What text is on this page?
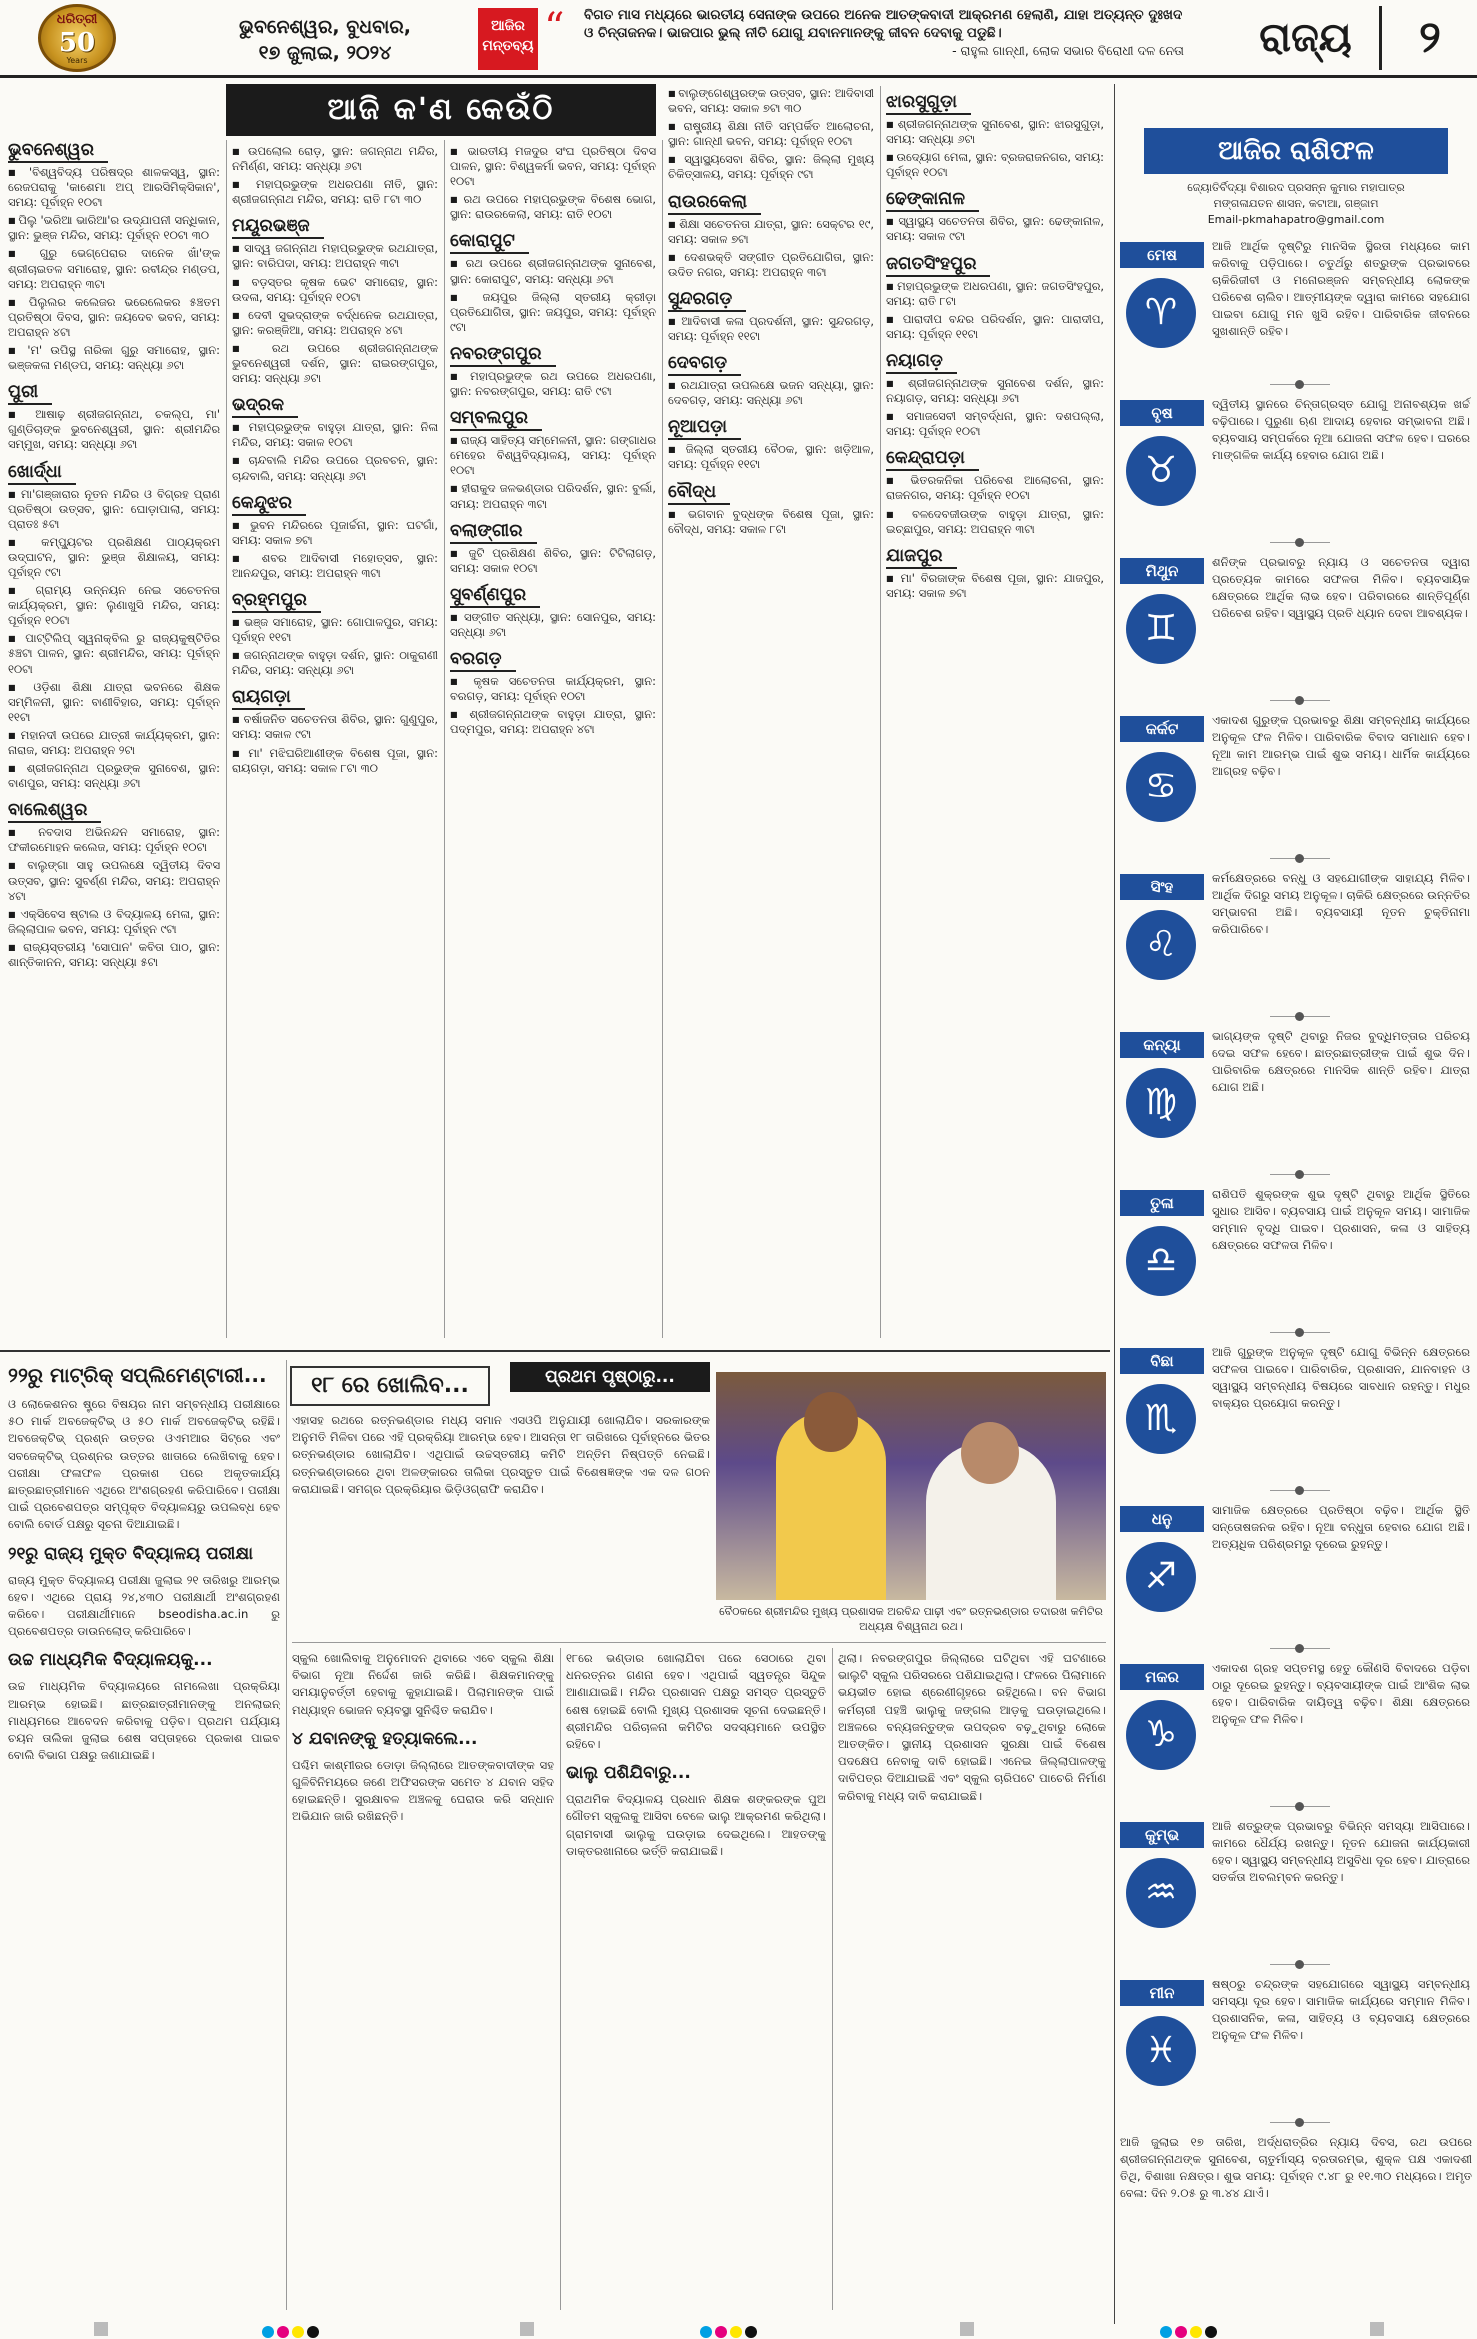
ଧରିତ୍ରୀ
50
Years
ଭୁବନେଶ୍ୱର, ବୁଧବାର,
୧୭ ଜୁଲାଇ, ୨୦୨୪
ଆଜିର ମନ୍ତବ୍ୟ “ ବିଗତ ମାସ ମଧ୍ୟରେ ଭାରତୀୟ ସେନାଙ୍କ ଉପରେ ଅନେକ ଆତଙ୍କବାଦୀ ଆକ୍ରମଣ ହେଲାଣି, ଯାହା ଅତ୍ୟନ୍ତ ଦୁଃଖଦ ଓ ଚିନ୍ତାଜନକ। ଭାଜପାର ଭୁଲ୍ ନୀତି ଯୋଗୁ ଯବାନମାନଙ୍କୁ ଜୀବନ ଦେବାକୁ ପଡୁଛି।
- ରାହୁଲ ଗାନ୍ଧୀ, ଲୋକ ସଭାର ବିରୋଧୀ ଦଳ ନେତା	ରାଜ୍ୟ	୨
ଆଜି କ'ଣ କେଉଁଠି
ଭୁବନେଶ୍ୱର
■ 'ବିଶ୍ୱବିଦ୍ୟ ପରିଷଦ୍ର ଶାଳକସ୍ୱ, ସ୍ଥାନ: ରେଜପରାକୁ 'କାଶେମା ଅପ୍ ଆରସିମିକ୍ସିକାନ', ସମୟ: ପୂର୍ବାହ୍ନ ୧୦ଟା
■ ପିଲୁ 'ଭରିଆ ଭାରିଆ'ର ଉଦ୍‌ଯାପନୀ ସନ୍ଧିକାନ, ସ୍ଥାନ: ଭୁଞ୍ଜ ମନ୍ଦିର, ସମୟ: ପୂର୍ବାହ୍ନ ୧୦ଟା ୩୦
■ ଗୁରୁ ଭେଗ୍ପେରାର ଦାନେକ ଖାଁ'ଙ୍କ ଶ୍ରୀଚାଇତଳ ସମାରୋହ, ସ୍ଥାନ: ରବୀନ୍ଦ୍ର ମଣ୍ଡପ, ସମୟ: ଅପରାହ୍ନ ୩ଟା
■ ପିଲୁଲର କଲେଜର ଭରେଲେକର ୫ଞ୍ଚତମ ପ୍ରତିଷ୍ଠା ଦିବସ, ସ୍ଥାନ: ଜୟଦେବ ଭବନ, ସମୟ: ଅପରାହ୍ନ ୪ଟା
■ 'ମ' ଉପିସ୍ଥ ନାରିକା ଗୁରୁ ସମାରୋହ, ସ୍ଥାନ: ଭଞ୍ଜକଳା ମଣ୍ଡପ, ସମୟ: ସନ୍ଧ୍ୟା ୬ଟା
ପୁରୀ
■ ଆଷାଢ଼ ଶ୍ରୀଜଗନ୍ନାଥ, ଚକଲ୍ପ, ମା' ଗୁଣ୍ଡିଚାଙ୍କ ଭୁବନେଶ୍ୱରୀ, ସ୍ଥାନ: ଶ୍ରୀମନ୍ଦିର ସମ୍ମୁଖ, ସମୟ: ସନ୍ଧ୍ୟା ୬ଟା
ଖୋର୍ଦ୍ଧା
■ ମା'ଗଞ୍ଜାରାର ନୂତନ ମନ୍ଦିର ଓ ବିଗ୍ରହ ପ୍ରାଣ ପ୍ରତିଷ୍ଠା ଉତ୍ସବ, ସ୍ଥାନ: ଘୋଡ଼ାପାଲା, ସମୟ: ପ୍ରାତଃ ୫ଟା
■ କମ୍ପ୍ୟୁଟର ପ୍ରଶିକ୍ଷଣ ପାଠ୍ୟକ୍ରମ ଉଦ୍‌ଘାଟନ, ସ୍ଥାନ: ଭୁଞ୍ଜ ଶିକ୍ଷାଳୟ, ସମୟ: ପୂର୍ବାହ୍ନ ୯ଟା
■ ଗ୍ରାମ୍ୟ ଉନ୍ନୟନ ନେଇ ସଚେତନତା କାର୍ଯ୍ୟକ୍ରମ, ସ୍ଥାନ: ଲୁଣାଖୁସି ମନ୍ଦିର, ସମୟ: ପୂର୍ବାହ୍ନ ୧୦ଟା
■ ପାଟ୍ଟିଲିପ୍ ସ୍ୱନାକ୍‌ବିଲ ରୁ ରାଜ୍ୟକୁଷ୍ଟିତିର ୫ଞ୍ଚଟା ପାଳନ, ସ୍ଥାନ: ଶ୍ରୀମନ୍ଦିର, ସମୟ: ପୂର୍ବାହ୍ନ ୧୦ଟା
■ ଓଡ଼ିଶା ଶିକ୍ଷା ଯାତ୍ରା ଭବନରେ ଶିକ୍ଷକ ସମ୍ମିଳନୀ, ସ୍ଥାନ: ବାଣୀବିହାର, ସମୟ: ପୂର୍ବାହ୍ନ ୧୧ଟା
■ ମହାନଦୀ ଉପରେ ଯାତ୍ରୀ କାର୍ଯ୍ୟକ୍ରମ, ସ୍ଥାନ: ନାରାଜ, ସମୟ: ଅପରାହ୍ନ ୨ଟା
■ ଶ୍ରୀଜଗନ୍ନାଥ ପ୍ରଭୁଙ୍କ ସୁନାବେଶ, ସ୍ଥାନ: ବାଣପୁର, ସମୟ: ସନ୍ଧ୍ୟା ୬ଟା
ବାଲେଶ୍ୱର
■ ନବଦାସ ଅଭିନନ୍ଦନ ସମାରୋହ, ସ୍ଥାନ: ଫକୀରମୋହନ କଲେଜ, ସମୟ: ପୂର୍ବାହ୍ନ ୧୦ଟା
■ ବାଲୁଙ୍ଗା ସାହୁ ଉପଲକ୍ଷେ ଦ୍ୱିତୀୟ ଦିବସ ଉତ୍ସବ, ସ୍ଥାନ: ସୁବର୍ଣ୍ଣ ମନ୍ଦିର, ସମୟ: ଅପରାହ୍ନ ୪ଟା
■ ଏକ୍ସିବେସ ଷ୍ଟାଲ ଓ ବିଦ୍ୟାଳୟ ମେଳା, ସ୍ଥାନ: ଜିଲ୍ଲାପାଳ ଭବନ, ସମୟ: ପୂର୍ବାହ୍ନ ୯ଟା
■ ରାଜ୍ୟସ୍ତରୀୟ 'ସୋପାନ' କବିତା ପାଠ, ସ୍ଥାନ: ଶାନ୍ତିକାନନ, ସମୟ: ସନ୍ଧ୍ୟା ୫ଟା
■ ଉପଲୋଲ ରୋଡ଼, ସ୍ଥାନ: ଜଗନ୍ନାଥ ମନ୍ଦିର, ନମିର୍ଣ୍ଣ, ସମୟ: ସନ୍ଧ୍ୟା ୬ଟା
■ ମହାପ୍ରଭୁଙ୍କ ଅଧରପଣା ନୀତି, ସ୍ଥାନ: ଶ୍ରୀଜଗନ୍ନାଥ ମନ୍ଦିର, ସମୟ: ରାତି ୮ଟା ୩୦
ମୟୂରଭଞ୍ଜ
■ ସାଦ୍ୱ ଜଗନ୍ନାଥ ମହାପ୍ରଭୁଙ୍କ ରଥଯାତ୍ରା, ସ୍ଥାନ: ବାରିପଦା, ସମୟ: ଅପରାହ୍ନ ୩ଟା
■ ବଡ଼ସ୍ତର କୃଷକ ଭେଟ ସମାରୋହ, ସ୍ଥାନ: ଉଦଳା, ସମୟ: ପୂର୍ବାହ୍ନ ୧୦ଟା
■ ଦେବୀ ସୁଭଦ୍ରାଙ୍କ ବର୍ଦ୍ଧନେକ ରଥଯାତ୍ରା, ସ୍ଥାନ: କରଞ୍ଜିଆ, ସମୟ: ଅପରାହ୍ନ ୪ଟା
■ ରଥ ଉପରେ ଶ୍ରୀଜଗନ୍ନାଥଙ୍କ ଭୁବନେଶ୍ୱରୀ ଦର୍ଶନ, ସ୍ଥାନ: ରାଇରଙ୍ଗପୁର, ସମୟ: ସନ୍ଧ୍ୟା ୬ଟା
ଭଦ୍ରକ
■ ମହାପ୍ରଭୁଙ୍କ ବାହୁଡ଼ା ଯାତ୍ରା, ସ୍ଥାନ: ନିଳା ମନ୍ଦିର, ସମୟ: ସକାଳ ୧୦ଟା
■ ଚାନ୍ଦବାଲି ମନ୍ଦିର ଉପରେ ପ୍ରବଚନ, ସ୍ଥାନ: ଚାନ୍ଦବାଲି, ସମୟ: ସନ୍ଧ୍ୟା ୬ଟା
କେନ୍ଦୁଝର
■ ଭୁବନ ମନ୍ଦିରରେ ପୂଜାର୍ଚ୍ଚନା, ସ୍ଥାନ: ଘଟଗାଁ, ସମୟ: ସକାଳ ୭ଟା
■ ଶବର ଆଦିବାସୀ ମହୋତ୍ସବ, ସ୍ଥାନ: ଆନନ୍ଦପୁର, ସମୟ: ଅପରାହ୍ନ ୩ଟା
ବ୍ରହ୍ମପୁର
■ ଭଞ୍ଜ ସମାରୋହ, ସ୍ଥାନ: ଗୋପାଳପୁର, ସମୟ: ପୂର୍ବାହ୍ନ ୧୧ଟା
■ ଜଗନ୍ନାଥଙ୍କ ବାହୁଡ଼ା ଦର୍ଶନ, ସ୍ଥାନ: ଠାକୁରାଣୀ ମନ୍ଦିର, ସମୟ: ସନ୍ଧ୍ୟା ୬ଟା
ରାୟଗଡ଼ା
■ ବର୍ଷାଜନିତ ସଚେତନତା ଶିବିର, ସ୍ଥାନ: ଗୁଣୁପୁର, ସମୟ: ସକାଳ ୯ଟା
■ ମା' ମଝିଘରିଆଣୀଙ୍କ ବିଶେଷ ପୂଜା, ସ୍ଥାନ: ରାୟଗଡ଼ା, ସମୟ: ସକାଳ ୮ଟା ୩୦
■ ଭାରତୀୟ ମଜଦୁର ସଂଘ ପ୍ରତିଷ୍ଠା ଦିବସ ପାଳନ, ସ୍ଥାନ: ବିଶ୍ୱକର୍ମା ଭବନ, ସମୟ: ପୂର୍ବାହ୍ନ ୧୦ଟା
■ ରଥ ଉପରେ ମହାପ୍ରଭୁଙ୍କ ବିଶେଷ ଭୋଗ, ସ୍ଥାନ: ରାଉରକେଲା, ସମୟ: ରାତି ୧୦ଟା
କୋରାପୁଟ
■ ରଥ ଉପରେ ଶ୍ରୀଜଗନ୍ନାଥଙ୍କ ସୁନାବେଶ, ସ୍ଥାନ: କୋରାପୁଟ, ସମୟ: ସନ୍ଧ୍ୟା ୬ଟା
■ ଜୟପୁର ଜିଲ୍ଲା ସ୍ତରୀୟ କ୍ରୀଡ଼ା ପ୍ରତିଯୋଗିତା, ସ୍ଥାନ: ଜୟପୁର, ସମୟ: ପୂର୍ବାହ୍ନ ୯ଟା
ନବରଙ୍ଗପୁର
■ ମହାପ୍ରଭୁଙ୍କ ରଥ ଉପରେ ଅଧରପଣା, ସ୍ଥାନ: ନବରଙ୍ଗପୁର, ସମୟ: ରାତି ୯ଟା
ସମ୍ବଲପୁର
■ ରାଜ୍ୟ ସାହିତ୍ୟ ସମ୍ମେଳନୀ, ସ୍ଥାନ: ଗଙ୍ଗାଧର ମେହେର ବିଶ୍ୱବିଦ୍ୟାଳୟ, ସମୟ: ପୂର୍ବାହ୍ନ ୧୦ଟା
■ ହୀରାକୁଦ ଜଳଭଣ୍ଡାର ପରିଦର୍ଶନ, ସ୍ଥାନ: ବୁର୍ଲା, ସମୟ: ଅପରାହ୍ନ ୩ଟା
ବଲାଙ୍ଗୀର
■ ଜୁଟି ପ୍ରଶିକ୍ଷଣ ଶିବିର, ସ୍ଥାନ: ଟିଟିଲାଗଡ଼, ସମୟ: ସକାଳ ୧୦ଟା
ସୁବର୍ଣ୍ଣପୁର
■ ସଙ୍ଗୀତ ସନ୍ଧ୍ୟା, ସ୍ଥାନ: ସୋନପୁର, ସମୟ: ସନ୍ଧ୍ୟା ୬ଟା
ବରଗଡ଼
■ କୃଷକ ସଚେତନତା କାର୍ଯ୍ୟକ୍ରମ, ସ୍ଥାନ: ବରଗଡ଼, ସମୟ: ପୂର୍ବାହ୍ନ ୧୦ଟା
■ ଶ୍ରୀଜଗନ୍ନାଥଙ୍କ ବାହୁଡ଼ା ଯାତ୍ରା, ସ୍ଥାନ: ପଦ୍ମପୁର, ସମୟ: ଅପରାହ୍ନ ୪ଟା
■ ବାଲୁଙ୍ଗେଶ୍ୱରଙ୍କ ଉତ୍ସବ, ସ୍ଥାନ: ଆଦିବାସୀ ଭବନ, ସମୟ: ସକାଳ ୭ଟା ୩୦
■ ରାଷ୍ଟ୍ରୀୟ ଶିକ୍ଷା ନୀତି ସମ୍ପର୍କିତ ଆଲୋଚନା, ସ୍ଥାନ: ଗାନ୍ଧୀ ଭବନ, ସମୟ: ପୂର୍ବାହ୍ନ ୧୦ଟା
■ ସ୍ୱାସ୍ଥ୍ୟସେବା ଶିବିର, ସ୍ଥାନ: ଜିଲ୍ଲା ମୁଖ୍ୟ ଚିକିତ୍ସାଳୟ, ସମୟ: ପୂର୍ବାହ୍ନ ୯ଟା
ରାଉରକେଲା
■ ଶିକ୍ଷା ସଚେତନତା ଯାତ୍ରା, ସ୍ଥାନ: ସେକ୍ଟର ୧୯, ସମୟ: ସକାଳ ୭ଟା
■ ଦେଶଭକ୍ତି ସଙ୍ଗୀତ ପ୍ରତିଯୋଗିତା, ସ୍ଥାନ: ଉଦିତ ନଗର, ସମୟ: ଅପରାହ୍ନ ୩ଟା
ସୁନ୍ଦରଗଡ଼
■ ଆଦିବାସୀ କଳା ପ୍ରଦର୍ଶନୀ, ସ୍ଥାନ: ସୁନ୍ଦରଗଡ଼, ସମୟ: ପୂର୍ବାହ୍ନ ୧୧ଟା
ଦେବଗଡ଼
■ ରଥଯାତ୍ରା ଉପଲକ୍ଷେ ଭଜନ ସନ୍ଧ୍ୟା, ସ୍ଥାନ: ଦେବଗଡ଼, ସମୟ: ସନ୍ଧ୍ୟା ୬ଟା
ନୂଆପଡ଼ା
■ ଜିଲ୍ଲା ସ୍ତରୀୟ ବୈଠକ, ସ୍ଥାନ: ଖଡ଼ିଆଳ, ସମୟ: ପୂର୍ବାହ୍ନ ୧୧ଟା
ବୌଦ୍ଧ
■ ଭଗବାନ ବୁଦ୍ଧଙ୍କ ବିଶେଷ ପୂଜା, ସ୍ଥାନ: ବୌଦ୍ଧ, ସମୟ: ସକାଳ ୮ଟା
ଝାରସୁଗୁଡ଼ା
■ ଶ୍ରୀଜଗନ୍ନାଥଙ୍କ ସୁନାବେଶ, ସ୍ଥାନ: ଝାରସୁଗୁଡ଼ା, ସମୟ: ସନ୍ଧ୍ୟା ୬ଟା
■ ଉଦ୍ୟୋଗ ମେଳା, ସ୍ଥାନ: ବ୍ରଜରାଜନଗର, ସମୟ: ପୂର୍ବାହ୍ନ ୧୦ଟା
ଢେଙ୍କାନାଳ
■ ସ୍ୱାସ୍ଥ୍ୟ ସଚେତନତା ଶିବିର, ସ୍ଥାନ: ଢେଙ୍କାନାଳ, ସମୟ: ସକାଳ ୯ଟା
ଜଗତସିଂହପୁର
■ ମହାପ୍ରଭୁଙ୍କ ଅଧରପଣା, ସ୍ଥାନ: ଜଗତସିଂହପୁର, ସମୟ: ରାତି ୮ଟା
■ ପାରାଦୀପ ବନ୍ଦର ପରିଦର୍ଶନ, ସ୍ଥାନ: ପାରାଦୀପ, ସମୟ: ପୂର୍ବାହ୍ନ ୧୧ଟା
ନୟାଗଡ଼
■ ଶ୍ରୀଜଗନ୍ନାଥଙ୍କ ସୁନାବେଶ ଦର୍ଶନ, ସ୍ଥାନ: ନୟାଗଡ଼, ସମୟ: ସନ୍ଧ୍ୟା ୬ଟା
■ ସମାଜସେବୀ ସମ୍ବର୍ଦ୍ଧନା, ସ୍ଥାନ: ଦଶପଲ୍ଲା, ସମୟ: ପୂର୍ବାହ୍ନ ୧୦ଟା
କେନ୍ଦ୍ରାପଡ଼ା
■ ଭିତରକନିକା ପରିବେଶ ଆଲୋଚନା, ସ୍ଥାନ: ରାଜନଗର, ସମୟ: ପୂର୍ବାହ୍ନ ୧୦ଟା
■ ବଳଦେବଜୀଉଙ୍କ ବାହୁଡ଼ା ଯାତ୍ରା, ସ୍ଥାନ: ଇଚ୍ଛାପୁର, ସମୟ: ଅପରାହ୍ନ ୩ଟା
ଯାଜପୁର
■ ମା' ବିରଜାଙ୍କ ବିଶେଷ ପୂଜା, ସ୍ଥାନ: ଯାଜପୁର, ସମୟ: ସକାଳ ୭ଟା
ଆଜିର ରାଶିଫଳ
ଜ୍ୟୋତିର୍ବିଦ୍ୟା ବିଶାରଦ ପ୍ରସନ୍ନ କୁମାର ମହାପାତ୍ର
ମଙ୍ଗଳାଯତନ ଶାସନ, କଟାଆ, ଗଞ୍ଜାମ
Email-pkmahapatro@gmail.com
ଆଜି ଜୁଲାଇ ୧୭ ତାରିଖ, ଅର୍ଦ୍ଧରାତ୍ରିର ନ୍ୟାୟ ଦିବସ, ରଥ ଉପରେ ଶ୍ରୀଜଗନ୍ନାଥଙ୍କ ସୁନାବେଶ, ଚାତୁର୍ମାସ୍ୟ ବ୍ରତାରମ୍ଭ, ଶୁକ୍ଳ ପକ୍ଷ ଏକାଦଶୀ ତିଥି, ବିଶାଖା ନକ୍ଷତ୍ର। ଶୁଭ ସମୟ: ପୂର୍ବାହ୍ନ ୯.୪୮ ରୁ ୧୧.୩୦ ମଧ୍ୟରେ। ଅମୃତ ବେଳା: ଦିନ ୨.୦୫ ରୁ ୩.୪୪ ଯାଏଁ।
ମେଷ
♈
ଆଜି ଆର୍ଥିକ ଦୃଷ୍ଟିରୁ ମାନସିକ ସ୍ଥିରତା ମଧ୍ୟରେ କାମ କରିବାକୁ ପଡ଼ିପାରେ। ଚତୁର୍ଥରୁ ଶତ୍ରୁଙ୍କ ପ୍ରଭାବରେ ଚାକିରିଜୀବୀ ଓ ମନୋରଞ୍ଜନ ସମ୍ବନ୍ଧୀୟ ଲୋକଙ୍କ ପରିବେଶ ଚାଲିବ। ଆତ୍ମୀୟଙ୍କ ଦ୍ୱାରା କାମରେ ସହଯୋଗ ପାଇବା ଯୋଗୁ ମନ ଖୁସି ରହିବ। ପାରିବାରିକ ଜୀବନରେ ସୁଖଶାନ୍ତି ରହିବ।
ବୃଷ
♉
ଦ୍ୱିତୀୟ ସ୍ଥାନରେ ଚିନ୍ତାଗ୍ରସ୍ତ ଯୋଗୁ ଅନାବଶ୍ୟକ ଖର୍ଚ୍ଚ ବଢ଼ିପାରେ। ପୁରୁଣା ଋଣ ଆଦାୟ ହେବାର ସମ୍ଭାବନା ଅଛି। ବ୍ୟବସାୟ ସମ୍ପର୍କରେ ନୂଆ ଯୋଜନା ସଫଳ ହେବ। ଘରରେ ମାଙ୍ଗଳିକ କାର୍ଯ୍ୟ ହେବାର ଯୋଗ ଅଛି।
ମିଥୁନ
♊
ଶନିଙ୍କ ପ୍ରଭାବରୁ ନ୍ୟାୟ ଓ ସଚେତନତା ଦ୍ୱାରା ପ୍ରତ୍ୟେକ କାମରେ ସଫଳତା ମିଳିବ। ବ୍ୟବସାୟିକ କ୍ଷେତ୍ରରେ ଆର୍ଥିକ ଲାଭ ହେବ। ପରିବାରରେ ଶାନ୍ତିପୂର୍ଣ୍ଣ ପରିବେଶ ରହିବ। ସ୍ୱାସ୍ଥ୍ୟ ପ୍ରତି ଧ୍ୟାନ ଦେବା ଆବଶ୍ୟକ।
କର୍କଟ
♋
ଏକାଦଶ ଗୁରୁଙ୍କ ପ୍ରଭାବରୁ ଶିକ୍ଷା ସମ୍ବନ୍ଧୀୟ କାର୍ଯ୍ୟରେ ଅନୁକୂଳ ଫଳ ମିଳିବ। ପାରିବାରିକ ବିବାଦ ସମାଧାନ ହେବ। ନୂଆ କାମ ଆରମ୍ଭ ପାଇଁ ଶୁଭ ସମୟ। ଧାର୍ମିକ କାର୍ଯ୍ୟରେ ଆଗ୍ରହ ବଢ଼ିବ।
ସିଂହ
♌
କର୍ମକ୍ଷେତ୍ରରେ ବନ୍ଧୁ ଓ ସହଯୋଗୀଙ୍କ ସାହାଯ୍ୟ ମିଳିବ। ଆର୍ଥିକ ଦିଗରୁ ସମୟ ଅନୁକୂଳ। ଚାକିରି କ୍ଷେତ୍ରରେ ଉନ୍ନତିର ସମ୍ଭାବନା ଅଛି। ବ୍ୟବସାୟୀ ନୂତନ ଚୁକ୍ତିନାମା କରିପାରିବେ।
କନ୍ୟା
♍
ଭାଗ୍ୟଙ୍କ ଦୃଷ୍ଟି ଥିବାରୁ ନିଜର ବୁଦ୍ଧିମତ୍ତାର ପରିଚୟ ଦେଇ ସଫଳ ହେବେ। ଛାତ୍ରଛାତ୍ରୀଙ୍କ ପାଇଁ ଶୁଭ ଦିନ। ପାରିବାରିକ କ୍ଷେତ୍ରରେ ମାନସିକ ଶାନ୍ତି ରହିବ। ଯାତ୍ରା ଯୋଗ ଅଛି।
ତୁଳା
♎
ରାଶିପତି ଶୁକ୍ରଙ୍କ ଶୁଭ ଦୃଷ୍ଟି ଥିବାରୁ ଆର୍ଥିକ ସ୍ଥିତିରେ ସୁଧାର ଆସିବ। ବ୍ୟବସାୟ ପାଇଁ ଅନୁକୂଳ ସମୟ। ସାମାଜିକ ସମ୍ମାନ ବୃଦ୍ଧି ପାଇବ। ପ୍ରଶାସନ, କଳା ଓ ସାହିତ୍ୟ କ୍ଷେତ୍ରରେ ସଫଳତା ମିଳିବ।
ବିଛା
♏
ଆଜି ଗୁରୁଙ୍କ ଅନୁକୂଳ ଦୃଷ୍ଟି ଯୋଗୁ ବିଭିନ୍ନ କ୍ଷେତ୍ରରେ ସଫଳତା ପାଇବେ। ପାରିବାରିକ, ପ୍ରଶାସନ, ଯାନବାହନ ଓ ସ୍ୱାସ୍ଥ୍ୟ ସମ୍ବନ୍ଧୀୟ ବିଷୟରେ ସାବଧାନ ରହନ୍ତୁ। ମଧୁର ବାକ୍ୟର ପ୍ରୟୋଗ କରନ୍ତୁ।
ଧନୁ
♐
ସାମାଜିକ କ୍ଷେତ୍ରରେ ପ୍ରତିଷ୍ଠା ବଢ଼ିବ। ଆର୍ଥିକ ସ୍ଥିତି ସନ୍ତୋଷଜନକ ରହିବ। ନୂଆ ବନ୍ଧୁତା ହେବାର ଯୋଗ ଅଛି। ଅତ୍ୟଧିକ ପରିଶ୍ରମରୁ ଦୂରେଇ ରୁହନ୍ତୁ।
ମକର
♑
ଏକାଦଶ ଗ୍ରହ ସପ୍ତମସ୍ଥ ହେତୁ କୌଣସି ବିବାଦରେ ପଡ଼ିବା ଠାରୁ ଦୂରେଇ ରୁହନ୍ତୁ। ବ୍ୟବସାୟୀଙ୍କ ପାଇଁ ଆଂଶିକ ଲାଭ ହେବ। ପାରିବାରିକ ଦାୟିତ୍ୱ ବଢ଼ିବ। ଶିକ୍ଷା କ୍ଷେତ୍ରରେ ଅନୁକୂଳ ଫଳ ମିଳିବ।
କୁମ୍ଭ
♒
ଆଜି ଶତ୍ରୁଙ୍କ ପ୍ରଭାବରୁ ବିଭିନ୍ନ ସମସ୍ୟା ଆସିପାରେ। କାମରେ ଧୈର୍ଯ୍ୟ ରଖନ୍ତୁ। ନୂତନ ଯୋଜନା କାର୍ଯ୍ୟକାରୀ ହେବ। ସ୍ୱାସ୍ଥ୍ୟ ସମ୍ବନ୍ଧୀୟ ଅସୁବିଧା ଦୂର ହେବ। ଯାତ୍ରାରେ ସତର୍କତା ଅବଲମ୍ବନ କରନ୍ତୁ।
ମୀନ
♓
ଷଷ୍ଠରୁ ଚନ୍ଦ୍ରଙ୍କ ସହଯୋଗରେ ସ୍ୱାସ୍ଥ୍ୟ ସମ୍ବନ୍ଧୀୟ ସମସ୍ୟା ଦୂର ହେବ। ସାମାଜିକ କାର୍ଯ୍ୟରେ ସମ୍ମାନ ମିଳିବ। ପ୍ରଶାସନିକ, କଳା, ସାହିତ୍ୟ ଓ ବ୍ୟବସାୟ କ୍ଷେତ୍ରରେ ଅନୁକୂଳ ଫଳ ମିଳିବ।
୨୨ରୁ ମାଟ୍ରିକ୍ ସପ୍ଲିମେଣ୍ଟାରୀ...
ଓ ଲୋକେଶନର ଷ୍ଟ୍ରେ ବିଷୟର ନାମ ସମ୍ବନ୍ଧୀୟ ପରୀକ୍ଷାରେ ୫୦ ମାର୍କ ଅବଜେକ୍ଟିଭ୍ ଓ ୫୦ ମାର୍କ ଅବଜେକ୍ଟିଭ୍ ରହିଛି। ଅବଜେକ୍ଟିଭ୍ ପ୍ରଶ୍ନ ଉତ୍ତର ଓଏମଆର ସିଟ୍‌ରେ ଏବଂ ସବଜେକ୍ଟିଭ୍ ପ୍ରଶ୍ନର ଉତ୍ତର ଖାତାରେ ଲେଖିବାକୁ ହେବ। ପରୀକ୍ଷା ଫଳାଫଳ ପ୍ରକାଶ ପରେ ଅକୃତକାର୍ଯ୍ୟ ଛାତ୍ରଛାତ୍ରୀମାନେ ଏଥିରେ ଅଂଶଗ୍ରହଣ କରିପାରିବେ। ପରୀକ୍ଷା ପାଇଁ ପ୍ରବେଶପତ୍ର ସମ୍ପୃକ୍ତ ବିଦ୍ୟାଳୟରୁ ଉପଲବ୍ଧ ହେବ ବୋଲି ବୋର୍ଡ ପକ୍ଷରୁ ସୂଚନା ଦିଆଯାଇଛି।
୨୧ରୁ ରାଜ୍ୟ ମୁକ୍ତ ବିଦ୍ୟାଳୟ ପରୀକ୍ଷା
ରାଜ୍ୟ ମୁକ୍ତ ବିଦ୍ୟାଳୟ ପରୀକ୍ଷା ଜୁଲାଇ ୨୧ ତାରିଖରୁ ଆରମ୍ଭ ହେବ। ଏଥିରେ ପ୍ରାୟ ୨୪,୪୩୦ ପରୀକ୍ଷାର୍ଥୀ ଅଂଶଗ୍ରହଣ କରିବେ। ପରୀକ୍ଷାର୍ଥୀମାନେ bseodisha.ac.in ରୁ ପ୍ରବେଶପତ୍ର ଡାଉନଲୋଡ୍ କରିପାରିବେ।
ଉଚ୍ଚ ମାଧ୍ୟମିକ ବିଦ୍ୟାଳୟକୁ...
ଉଚ୍ଚ ମାଧ୍ୟମିକ ବିଦ୍ୟାଳୟରେ ନାମଲେଖା ପ୍ରକ୍ରିୟା ଆରମ୍ଭ ହୋଇଛି। ଛାତ୍ରଛାତ୍ରୀମାନଙ୍କୁ ଅନଲାଇନ୍ ମାଧ୍ୟମରେ ଆବେଦନ କରିବାକୁ ପଡ଼ିବ। ପ୍ରଥମ ପର୍ଯ୍ୟାୟ ଚୟନ ତାଲିକା ଜୁଲାଇ ଶେଷ ସପ୍ତାହରେ ପ୍ରକାଶ ପାଇବ ବୋଲି ବିଭାଗ ପକ୍ଷରୁ ଜଣାଯାଇଛି।
୧୮ ରେ ଖୋଲିବ...	ପ୍ରଥମ ପୃଷ୍ଠାରୁ...
ଏହାସହ ରଥରେ ରତ୍ନଭଣ୍ଡାର ମଧ୍ୟ ସମାନ ଏସଓପି ଅନୁଯାୟୀ ଖୋଲାଯିବ। ସରକାରଙ୍କ ଅନୁମତି ମିଳିବା ପରେ ଏହି ପ୍ରକ୍ରିୟା ଆରମ୍ଭ ହେବ। ଆସନ୍ତା ୧୮ ତାରିଖରେ ପୂର୍ବାହ୍ନରେ ଭିତର ରତ୍ନଭଣ୍ଡାର ଖୋଲାଯିବ। ଏଥିପାଇଁ ଉଚ୍ଚସ୍ତରୀୟ କମିଟି ଅନ୍ତିମ ନିଷ୍ପତ୍ତି ନେଇଛି। ରତ୍ନଭଣ୍ଡାରରେ ଥିବା ଅଳଙ୍କାରର ତାଲିକା ପ୍ରସ୍ତୁତ ପାଇଁ ବିଶେଷଜ୍ଞଙ୍କ ଏକ ଦଳ ଗଠନ କରାଯାଇଛି। ସମଗ୍ର ପ୍ରକ୍ରିୟାର ଭିଡ଼ିଓଗ୍ରାଫି କରାଯିବ।
ବୈଠକରେ ଶ୍ରୀମନ୍ଦିର ମୁଖ୍ୟ ପ୍ରଶାସକ ଅରବିନ୍ଦ ପାଢ଼ୀ ଏବଂ ରତ୍ନଭଣ୍ଡାର ତଦାରଖ କମିଟିର ଅଧ୍ୟକ୍ଷ ବିଶ୍ୱନାଥ ରଥ।
ସ୍କୁଲ ଖୋଲିବାକୁ ଅନୁମୋଦନ ଥିବାରେ ଏବେ ସ୍କୁଲ ଶିକ୍ଷା ବିଭାଗ ନୂଆ ନିର୍ଦ୍ଦେଶ ଜାରି କରିଛି। ଶିକ୍ଷକମାନଙ୍କୁ ସମୟାନୁବର୍ତ୍ତୀ ହେବାକୁ କୁହାଯାଇଛି। ପିଲାମାନଙ୍କ ପାଇଁ ମଧ୍ୟାହ୍ନ ଭୋଜନ ବ୍ୟବସ୍ଥା ସୁନିଶ୍ଚିତ କରାଯିବ।
୪ ଯବାନଙ୍କୁ ହତ୍ୟାକଲେ...
ପଶ୍ଚିମ କାଶ୍ମୀରର ଡୋଡ଼ା ଜିଲ୍ଲାରେ ଆତଙ୍କବାଦୀଙ୍କ ସହ ଗୁଳିବିନିମୟରେ ଜଣେ ଅଫିସରଙ୍କ ସମେତ ୪ ଯବାନ ସହିଦ ହୋଇଛନ୍ତି। ସୁରକ୍ଷାବଳ ଅଞ୍ଚଳକୁ ଘେରାଉ କରି ସନ୍ଧାନ ଅଭିଯାନ ଜାରି ରଖିଛନ୍ତି।
୧୮ରେ ଭଣ୍ଡାର ଖୋଲାଯିବା ପରେ ସେଠାରେ ଥିବା ଧନରତ୍ନର ଗଣନା ହେବ। ଏଥିପାଇଁ ସ୍ୱତନ୍ତ୍ର ସିନ୍ଦୁକ ଆଣାଯାଇଛି। ମନ୍ଦିର ପ୍ରଶାସନ ପକ୍ଷରୁ ସମସ୍ତ ପ୍ରସ୍ତୁତି ଶେଷ ହୋଇଛି ବୋଲି ମୁଖ୍ୟ ପ୍ରଶାସକ ସୂଚନା ଦେଇଛନ୍ତି। ଶ୍ରୀମନ୍ଦିର ପରିଚାଳନା କମିଟିର ସଦସ୍ୟମାନେ ଉପସ୍ଥିତ ରହିବେ।
ଭାଲୁ ପଶିଯିବାରୁ...
ପ୍ରାଥମିକ ବିଦ୍ୟାଳୟ ପ୍ରଧାନ ଶିକ୍ଷକ ଶଙ୍କରଙ୍କ ପୁଅ ଗୌତମ ସ୍କୁଲକୁ ଆସିବା ବେଳେ ଭାଲୁ ଆକ୍ରମଣ କରିଥିଲା। ଗ୍ରାମବାସୀ ଭାଲୁକୁ ଘଉଡ଼ାଇ ଦେଇଥିଲେ। ଆହତଙ୍କୁ ଡାକ୍ତରଖାନାରେ ଭର୍ତ୍ତି କରାଯାଇଛି।
ଥିଲା। ନବରଙ୍ଗପୁର ଜିଲ୍ଲାରେ ଘଟିଥିବା ଏହି ଘଟଣାରେ ଭାଲୁଟି ସ୍କୁଲ ପରିସରରେ ପଶିଯାଇଥିଲା। ଫଳରେ ପିଲାମାନେ ଭୟଭୀତ ହୋଇ ଶ୍ରେଣୀଗୃହରେ ରହିଥିଲେ। ବନ ବିଭାଗ କର୍ମଚାରୀ ପହଞ୍ଚି ଭାଲୁକୁ ଜଙ୍ଗଲ ଆଡ଼କୁ ଘଉଡ଼ାଇଥିଲେ। ଅଞ୍ଚଳରେ ବନ୍ୟଜନ୍ତୁଙ୍କ ଉପଦ୍ରବ ବଢ଼ୁଥିବାରୁ ଲୋକେ ଆତଙ୍କିତ। ସ୍ଥାନୀୟ ପ୍ରଶାସନ ସୁରକ୍ଷା ପାଇଁ ବିଶେଷ ପଦକ୍ଷେପ ନେବାକୁ ଦାବି ହୋଇଛି। ଏନେଇ ଜିଲ୍ଲାପାଳଙ୍କୁ ଦାବିପତ୍ର ଦିଆଯାଇଛି ଏବଂ ସ୍କୁଲ ଚାରିପଟେ ପାଚେରି ନିର୍ମାଣ କରିବାକୁ ମଧ୍ୟ ଦାବି କରାଯାଇଛି।
